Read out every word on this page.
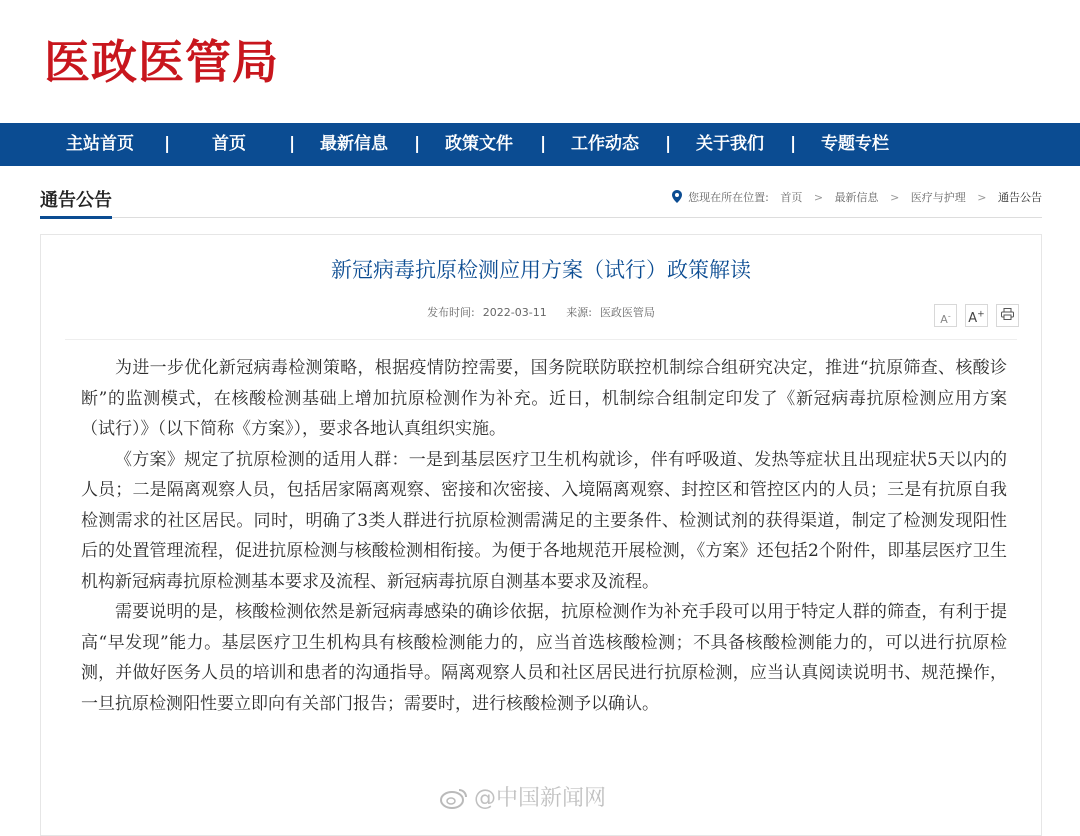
医政医管局
主站首页 | 首页	| 最新信息 | 政策文件 | 工作动态 | 关于我们 | 专题专栏
通告公告	您现在所在位置: 首页 > 最新信息 > 医疗与护理 > 通告公告
新冠病毒抗原检测应用方案（试行）政策解读
发布时间: 2022-03-11 来源: 医政医管局
A- A+

为进一步优化新冠病毒检测策略，根据疫情防控需要，国务院联防联控机制综合组研究决定，推进“抗原筛查、核酸诊断”的监测模式，在核酸检测基础上增加抗原检测作为补充。近日，机制综合组制定印发了《新冠病毒抗原检测应用方案（试行）》（以下简称《方案》），要求各地认真组织实施。

《方案》规定了抗原检测的适用人群：一是到基层医疗卫生机构就诊，伴有呼吸道、发热等症状且出现症状5天以内的人员；二是隔离观察人员，包括居家隔离观察、密接和次密接、入境隔离观察、封控区和管控区内的人员；三是有抗原自我检测需求的社区居民。同时，明确了3类人群进行抗原检测需满足的主要条件、检测试剂的获得渠道，制定了检测发现阳性后的处置管理流程，促进抗原检测与核酸检测相衔接。为便于各地规范开展检测，《方案》还包括2个附件，即基层医疗卫生机构新冠病毒抗原检测基本要求及流程、新冠病毒抗原自测基本要求及流程。

需要说明的是，核酸检测依然是新冠病毒感染的确诊依据，抗原检测作为补充手段可以用于特定人群的筛查，有利于提高“早发现”能力。基层医疗卫生机构具有核酸检测能力的，应当首选核酸检测；不具备核酸检测能力的，可以进行抗原检测，并做好医务人员的培训和患者的沟通指导。隔离观察人员和社区居民进行抗原检测，应当认真阅读说明书、规范操作，一旦抗原检测阳性要立即向有关部门报告；需要时，进行核酸检测予以确认。

@中国新闻网
